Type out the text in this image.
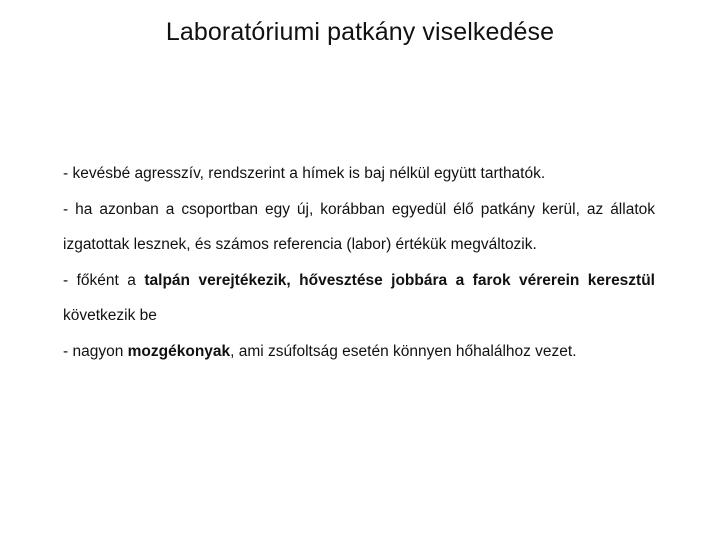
Laboratóriumi patkány viselkedése

- kevésbé agresszív, rendszerint a hímek is baj nélkül együtt tarthatók.

- ha azonban a csoportban egy új, korábban egyedül élő patkány kerül, az állatok izgatottak lesznek, és számos referencia (labor) értékük megváltozik.

- főként a talpán verejtékezik, hővesztése jobbára a farok vérerein keresztül következik be

- nagyon mozgékonyak, ami zsúfoltság esetén könnyen hőhalálhoz vezet.
